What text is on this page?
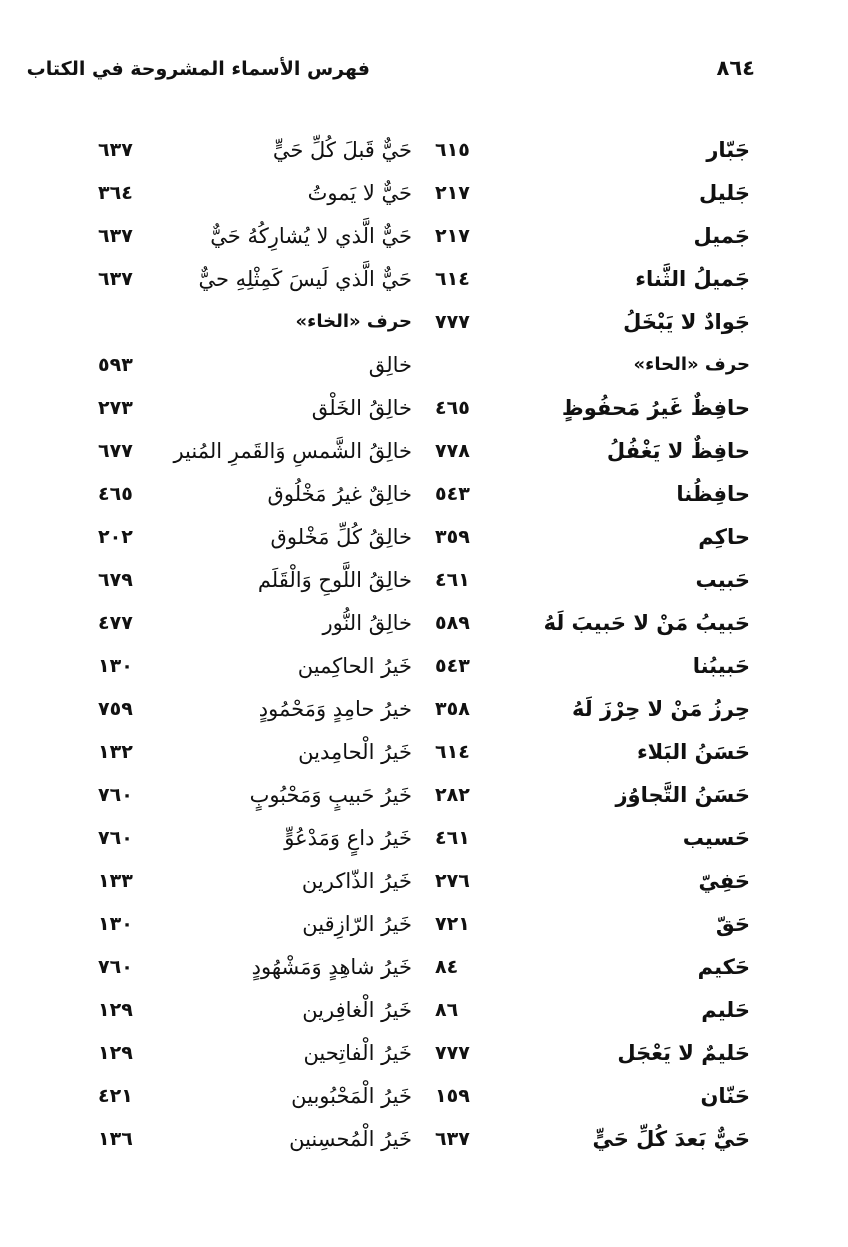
فهرس الأسماء المشروحة في الكتاب	٨٦٤
جَبّار
٦١٥
حَيٌّ قَبلَ كُلِّ حَيٍّ
٦٣٧
جَليل
٢١٧
حَيٌّ لا يَموتُ
٣٦٤
جَميل
٢١٧
حَيٌّ الَّذي لا يُشارِكُهُ حَيٌّ
٦٣٧
جَميلُ الثَّناء
٦١٤
حَيٌّ الَّذي لَيسَ كَمِثْلِهِ حيٌّ
٦٣٧
جَوادٌ لا يَبْخَلُ
٧٧٧
حرف «الخاء»
حرف «الحاء»
خالِق
٥٩٣
حافِظٌ غَيرُ مَحفُوظٍ
٤٦٥
خالِقُ الخَلْق
٢٧٣
حافِظٌ لا يَغْفُلُ
٧٧٨
خالِقُ الشَّمسِ وَالقَمرِ المُنير
٦٧٧
حافِظُنا
٥٤٣
خالِقٌ غيرُ مَخْلُوق
٤٦٥
حاكِم
٣٥٩
خالِقُ كُلِّ مَخْلوق
٢٠٢
حَبيب
٤٦١
خالِقُ اللَّوحِ وَالْقَلَم
٦٧٩
حَبيبُ مَنْ لا حَبيبَ لَهُ
٥٨٩
خالِقُ النُّور
٤٧٧
حَبيبُنا
٥٤٣
خَيرُ الحاكِمين
١٣٠
حِرزُ مَنْ لا حِرْزَ لَهُ
٣٥٨
خيرُ حامِدٍ وَمَحْمُودٍ
٧٥٩
حَسَنُ البَلاء
٦١٤
خَيرُ الْحامِدين
١٣٢
حَسَنُ التَّجاوُز
٢٨٢
خَيرُ حَبيبٍ وَمَحْبُوبٍ
٧٦٠
حَسيب
٤٦١
خَيرُ داعٍ وَمَدْعُوٍّ
٧٦٠
حَفِيّ
٢٧٦
خَيرُ الذّاكرين
١٣٣
حَقّ
٧٢١
خَيرُ الرّازِقين
١٣٠
حَكيم
٨٤
خَيرُ شاهِدٍ وَمَشْهُودٍ
٧٦٠
حَليم
٨٦
خَيرُ الْغافِرين
١٢٩
حَليمٌ لا يَعْجَل
٧٧٧
خَيرُ الْفاتِحين
١٢٩
حَنّان
١٥٩
خَيرُ الْمَحْبُوبين
٤٢١
حَيٌّ بَعدَ كُلِّ حَيٍّ
٦٣٧
خَيرُ الْمُحسِنين
١٣٦
